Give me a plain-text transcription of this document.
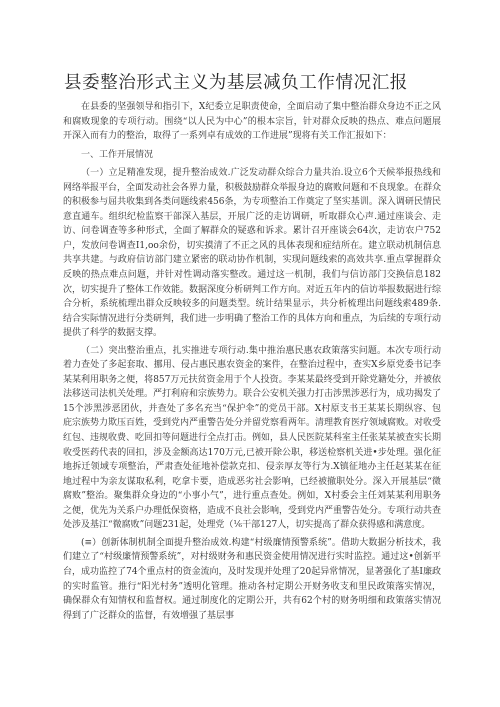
县委整治形式主义为基层减负工作情况汇报

在县委的坚强领导和指引下，X纪委立足职责使命，全面启动了集中整治群众身边不正之风和腐败现象的专项行动。围绕“以人民为中心”的根本宗旨，针对群众反映的热点、难点问题展开深入而有力的整治，取得了一系列卓有成效的工作进展”现将有关工作汇报如下：

一、工作开展情况

（一）立足精准发现，提升整治成效.广泛发动群众综合力量共治.设立6个天候举报热线和网络举报平台，全面发动社会各界力量，积极鼓励群众举报身边的腐败问题和不良现象。在群众的积极参与屈共收集到各类问题线索456条，为专项整治工作奠定了坚实基训。深入调研民情民意直通车。组织纪检监察干部深入基层，开展广泛的走访调研，听取群众心声.通过座谈会、走访、问卷调查等多种形式，全面了解群众的疑惑和诉求。累计召开座谈会64次，走访农户752户，发放问卷调查I1,oo余份，切实摸清了不正之风的具体表现和症结所在。建立联动机制信息共享共建。与政府信访部门建立紧密的联动协作机制，实现问题线索的高效共享.重点掌握群众反映的热点难点问题，并针对性调动落实整改。通过这一机制，我们与信访部门交换信息182次，切实提升了整体工作效能。数据深度分析研判工作方向。对近五年内的信访举报数据进行综合分析，系统梳理出群众反映较多的问题类型。统计结果显示，共分析梳理出问题线索489条.结合实际情况进行分类研判，我们进一步明确了整治工作的具体方向和重点，为后续的专项行动提供了科学的数据支撑。

（二）突出整治重点，扎实推进专项行动.集中推治惠民惠农政策落实问题。本次专项行动着力查处了多起套取、挪用、侵占惠民惠农资金的案件，在整治过程中，查实X乡原党委书记李某某利用职务之便，将857万元扶贫资金用于个人投资。李某某最终受到开除党籍处分，并被依法移送司法机关处理。严打利府和宗族势力。联合公安机关强力打击涉黑涉恶行为，成功揭发了15个涉黑涉恶团伙，并查处了多名充当“保护伞”的党员干部。X村原支书王某某长期纵容、包庇宗族势力欺压百姓，受到党内严重警告处分并留党察看两年。清理教育医疗领域腐败。对收受红包、违规收费、吃回扣等问题进行全点打击。例如，县人民医院某科室主任张某某被查实长期收受医药代表的回扣，涉及金额高达170万元,已被开除公职，移送检察机关进•步处理。强化征地拆迁领域专项整治，严肃查处征地补偿款克扣、侵亲厚友等行为.X镇征地办主任赵某某在征地过程中为亲友谋取私利，吃拿卡要，造成恶劣社会影响，已经被撤职处分。深入开展基层“微腐败”整治。聚集群众身边的“小事小气”，进行重点查处。例如，X村委会主任刘某某利用职务之便，优先为关系户办理低保资格，造成不良社会影响，受到党内严重警告处分。专项行动共查处涉及基江“微腐败”问题231起，处理党（⅙干部127人，切实提高了群众获得感和满意度。

(≡）创新体制机制全面提升整治成效.构建“村级廉情预警系统”。借助大数据分析技术，我们建立了“村级廉情预警系统”，对村级财务和惠民资金使用情况进行实时监控。通过这•创新平台，成功监控了74个重点村的资金流向，及时发现并处理了20起异常情况，显著强化了基I廉政的实时监管。推行“阳光村务”透明化管理。推动各村定期公开财务收支和里民政策落实情况，确保群众有知情权和监督权。通过制度化的定期公开，共有62个村的财务明细和政策落实情况得到了广泛群众的监督，有效增强了基层事
